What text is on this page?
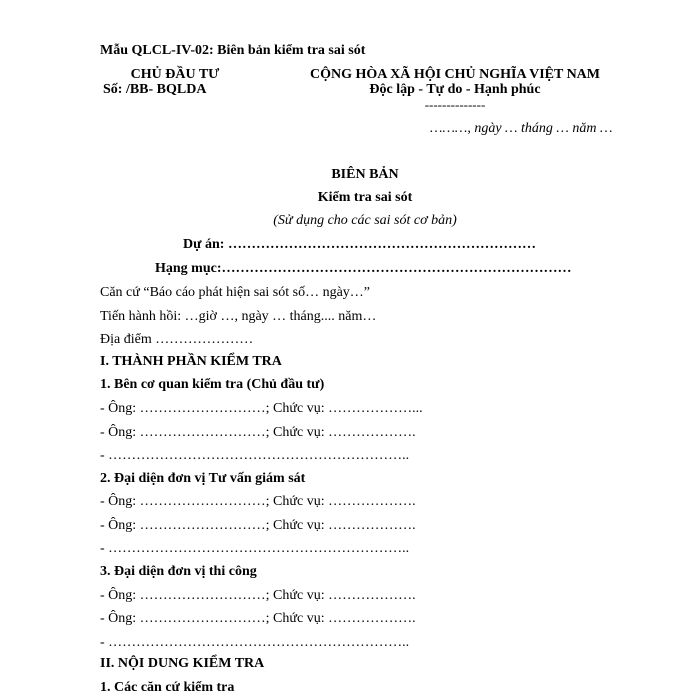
Mẫu QLCL-IV-02: Biên bản kiểm tra sai sót
CHỦ ĐẦU TƯ
Số: /BB- BQLDA
CỘNG HÒA XÃ HỘI CHỦ NGHĨA VIỆT NAM
Độc lập - Tự do - Hạnh phúc
--------------
………, ngày … tháng … năm …
BIÊN BẢN
Kiểm tra sai sót
(Sử dụng cho các sai sót cơ bản)
Dự án: …………………………………………………………
Hạng mục:…………………………………………………………………
Căn cứ “Báo cáo phát hiện sai sót số… ngày…”
Tiến hành hồi: …giờ …, ngày … tháng.... năm…
Địa điểm …………………
I. THÀNH PHẦN KIỂM TRA
1. Bên cơ quan kiểm tra (Chủ đầu tư)
- Ông: ………………………; Chức vụ: ………………...
- Ông: ………………………; Chức vụ: ……………….
- ………………………………………………………..
2. Đại diện đơn vị Tư vấn giám sát
- Ông: ………………………; Chức vụ: ……………….
- Ông: ………………………; Chức vụ: ……………….
- ………………………………………………………..
3. Đại diện đơn vị thi công
- Ông: ………………………; Chức vụ: ……………….
- Ông: ………………………; Chức vụ: ……………….
- ………………………………………………………..
II. NỘI DUNG KIỂM TRA
1. Các căn cứ kiểm tra
